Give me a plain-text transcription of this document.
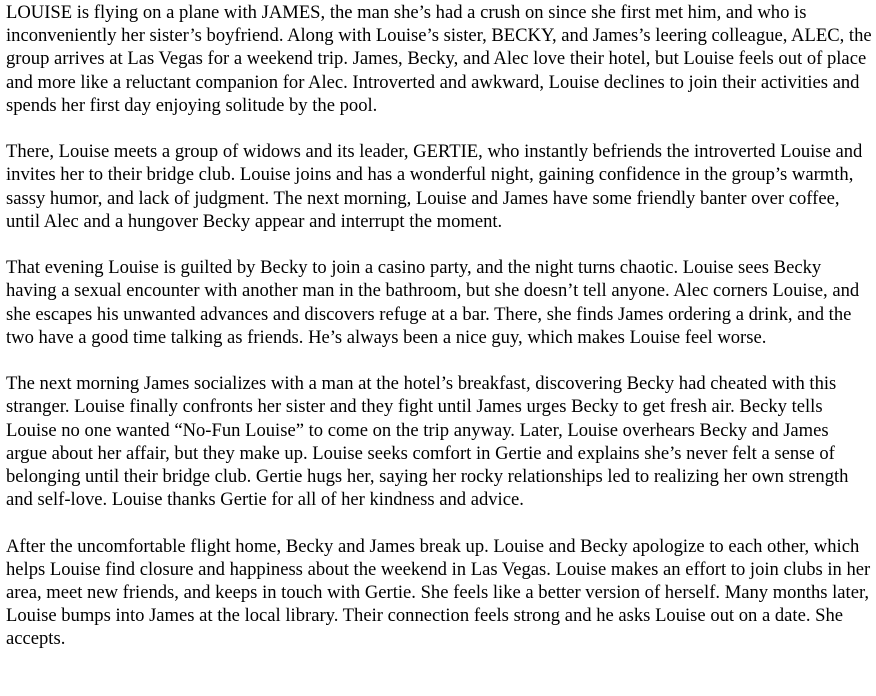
LOUISE is flying on a plane with JAMES, the man she’s had a crush on since she first met him, and who is inconveniently her sister’s boyfriend. Along with Louise’s sister, BECKY, and James’s leering colleague, ALEC, the group arrives at Las Vegas for a weekend trip. James, Becky, and Alec love their hotel, but Louise feels out of place and more like a reluctant companion for Alec. Introverted and awkward, Louise declines to join their activities and spends her first day enjoying solitude by the pool.

There, Louise meets a group of widows and its leader, GERTIE, who instantly befriends the introverted Louise and invites her to their bridge club. Louise joins and has a wonderful night, gaining confidence in the group’s warmth, sassy humor, and lack of judgment. The next morning, Louise and James have some friendly banter over coffee, until Alec and a hungover Becky appear and interrupt the moment.

That evening Louise is guilted by Becky to join a casino party, and the night turns chaotic. Louise sees Becky having a sexual encounter with another man in the bathroom, but she doesn’t tell anyone. Alec corners Louise, and she escapes his unwanted advances and discovers refuge at a bar. There, she finds James ordering a drink, and the two have a good time talking as friends. He’s always been a nice guy, which makes Louise feel worse.

The next morning James socializes with a man at the hotel’s breakfast, discovering Becky had cheated with this stranger. Louise finally confronts her sister and they fight until James urges Becky to get fresh air. Becky tells Louise no one wanted “No-Fun Louise” to come on the trip anyway. Later, Louise overhears Becky and James argue about her affair, but they make up. Louise seeks comfort in Gertie and explains she’s never felt a sense of belonging until their bridge club. Gertie hugs her, saying her rocky relationships led to realizing her own strength and self-love. Louise thanks Gertie for all of her kindness and advice.

After the uncomfortable flight home, Becky and James break up. Louise and Becky apologize to each other, which helps Louise find closure and happiness about the weekend in Las Vegas. Louise makes an effort to join clubs in her area, meet new friends, and keeps in touch with Gertie. She feels like a better version of herself. Many months later, Louise bumps into James at the local library. Their connection feels strong and he asks Louise out on a date. She accepts.
